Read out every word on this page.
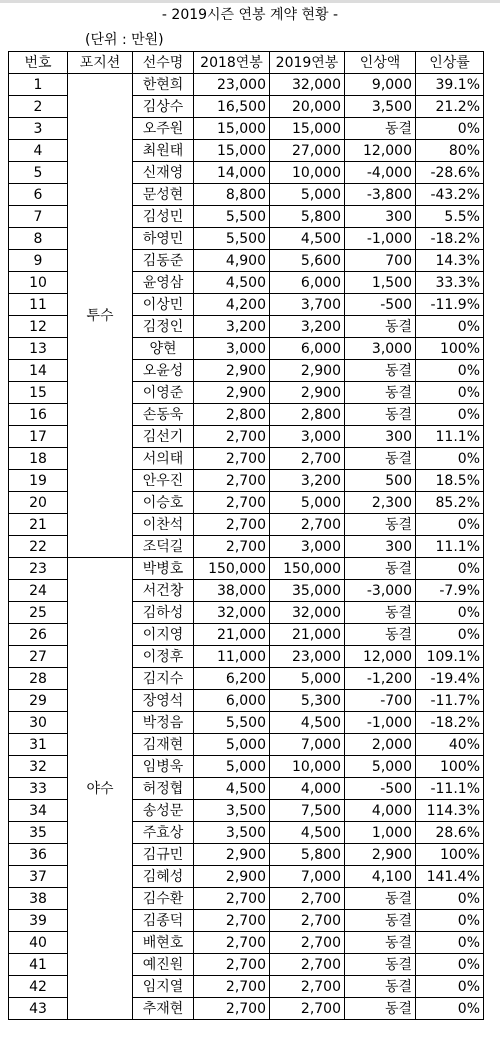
- 2019시즌 연봉 계약 현황 -
(단위 : 만원)
번호	포지션	선수명	2018연봉	2019연봉	인상액	인상률
1	투수	한현희	23,000	32,000	9,000	39.1%
2		김상수	16,500	20,000	3,500	21.2%
3		오주원	15,000	15,000	동결	0%
4		최원태	15,000	27,000	12,000	80%
5		신재영	14,000	10,000	-4,000	-28.6%
6		문성현	8,800	5,000	-3,800	-43.2%
7		김성민	5,500	5,800	300	5.5%
8		하영민	5,500	4,500	-1,000	-18.2%
9		김동준	4,900	5,600	700	14.3%
10		윤영삼	4,500	6,000	1,500	33.3%
11		이상민	4,200	3,700	-500	-11.9%
12		김정인	3,200	3,200	동결	0%
13		양현	3,000	6,000	3,000	100%
14		오윤성	2,900	2,900	동결	0%
15		이영준	2,900	2,900	동결	0%
16		손동욱	2,800	2,800	동결	0%
17		김선기	2,700	3,000	300	11.1%
18		서의태	2,700	2,700	동결	0%
19		안우진	2,700	3,200	500	18.5%
20		이승호	2,700	5,000	2,300	85.2%
21		이찬석	2,700	2,700	동결	0%
22		조덕길	2,700	3,000	300	11.1%
23	야수	박병호	150,000	150,000	동결	0%
24		서건창	38,000	35,000	-3,000	-7.9%
25		김하성	32,000	32,000	동결	0%
26		이지영	21,000	21,000	동결	0%
27		이정후	11,000	23,000	12,000	109.1%
28		김지수	6,200	5,000	-1,200	-19.4%
29		장영석	6,000	5,300	-700	-11.7%
30		박정음	5,500	4,500	-1,000	-18.2%
31		김재현	5,000	7,000	2,000	40%
32		임병욱	5,000	10,000	5,000	100%
33		허정협	4,500	4,000	-500	-11.1%
34		송성문	3,500	7,500	4,000	114.3%
35		주효상	3,500	4,500	1,000	28.6%
36		김규민	2,900	5,800	2,900	100%
37		김혜성	2,900	7,000	4,100	141.4%
38		김수환	2,700	2,700	동결	0%
39		김종덕	2,700	2,700	동결	0%
40		배현호	2,700	2,700	동결	0%
41		예진원	2,700	2,700	동결	0%
42		임지열	2,700	2,700	동결	0%
43		추재현	2,700	2,700	동결	0%
